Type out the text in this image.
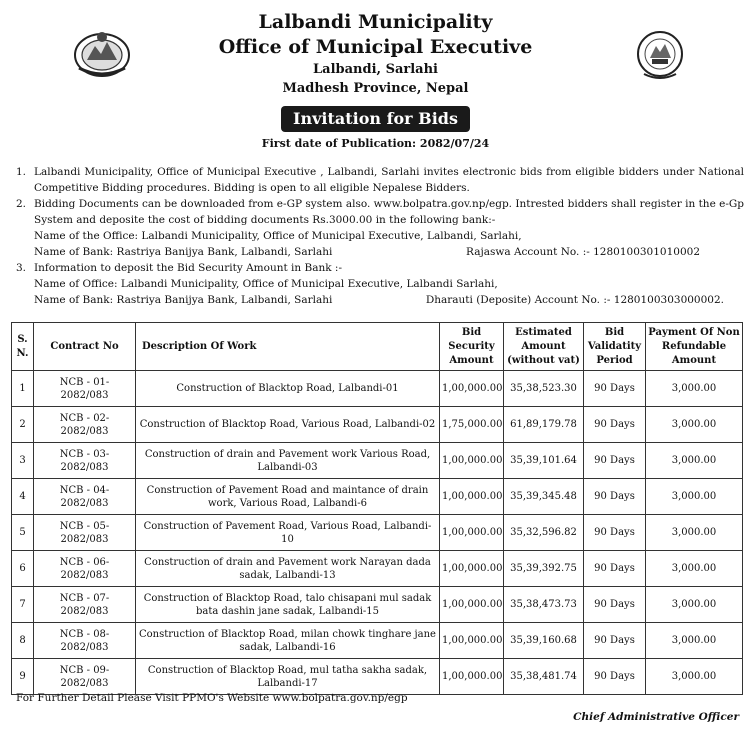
Lalbandi Municipality
Office of Municipal Executive
Lalbandi, Sarlahi
Madhesh Province, Nepal
Invitation for Bids
First date of Publication: 2082/07/24
1. Lalbandi Municipality, Office of Municipal Executive , Lalbandi, Sarlahi invites electronic bids from eligible bidders under National Competitive Bidding procedures. Bidding is open to all eligible Nepalese Bidders.
2. Bidding Documents can be downloaded from e-GP system also. www.bolpatra.gov.np/egp. Intrested bidders shall register in the e-Gp System and deposite the cost of bidding documents Rs.3000.00 in the following bank:-
Name of the Office: Lalbandi Municipality, Office of Municipal Executive, Lalbandi, Sarlahi,
Name of Bank: Rastriya Banijya Bank, Lalbandi, Sarlahi	Rajaswa Account No. :- 1280100301010002
3. Information to deposit the Bid Security Amount in Bank :-
Name of Office: Lalbandi Municipality, Office of Municipal Executive, Lalbandi Sarlahi,
Name of Bank: Rastriya Banijya Bank, Lalbandi, Sarlahi	Dharauti (Deposite) Account No. :- 1280100303000002.
S. N.	Contract No	Description Of Work	Bid Security Amount	Estimated Amount (without vat)	Bid Validatity Period	Payment Of Non Refundable Amount
1	NCB - 01-2082/083	Construction of Blacktop Road, Lalbandi-01	1,00,000.00	35,38,523.30	90 Days	3,000.00
2	NCB - 02-2082/083	Construction of Blacktop Road, Various Road, Lalbandi-02	1,75,000.00	61,89,179.78	90 Days	3,000.00
3	NCB - 03-2082/083	Construction of drain and Pavement work Various Road, Lalbandi-03	1,00,000.00	35,39,101.64	90 Days	3,000.00
4	NCB - 04-2082/083	Construction of Pavement Road and maintance of drain work, Various Road, Lalbandi-6	1,00,000.00	35,39,345.48	90 Days	3,000.00
5	NCB - 05-2082/083	Construction of Pavement Road, Various Road, Lalbandi-10	1,00,000.00	35,32,596.82	90 Days	3,000.00
6	NCB - 06-2082/083	Construction of drain and Pavement work Narayan dada sadak, Lalbandi-13	1,00,000.00	35,39,392.75	90 Days	3,000.00
7	NCB - 07-2082/083	Construction of Blacktop Road, talo chisapani mul sadak bata dashin jane sadak, Lalbandi-15	1,00,000.00	35,38,473.73	90 Days	3,000.00
8	NCB - 08-2082/083	Construction of Blacktop Road, milan chowk tinghare jane sadak, Lalbandi-16	1,00,000.00	35,39,160.68	90 Days	3,000.00
9	NCB - 09-2082/083	Construction of Blacktop Road, mul tatha sakha sadak, Lalbandi-17	1,00,000.00	35,38,481.74	90 Days	3,000.00
For Further Detail Please Visit PPMO's Website www.bolpatra.gov.np/egp
Chief Administrative Officer
